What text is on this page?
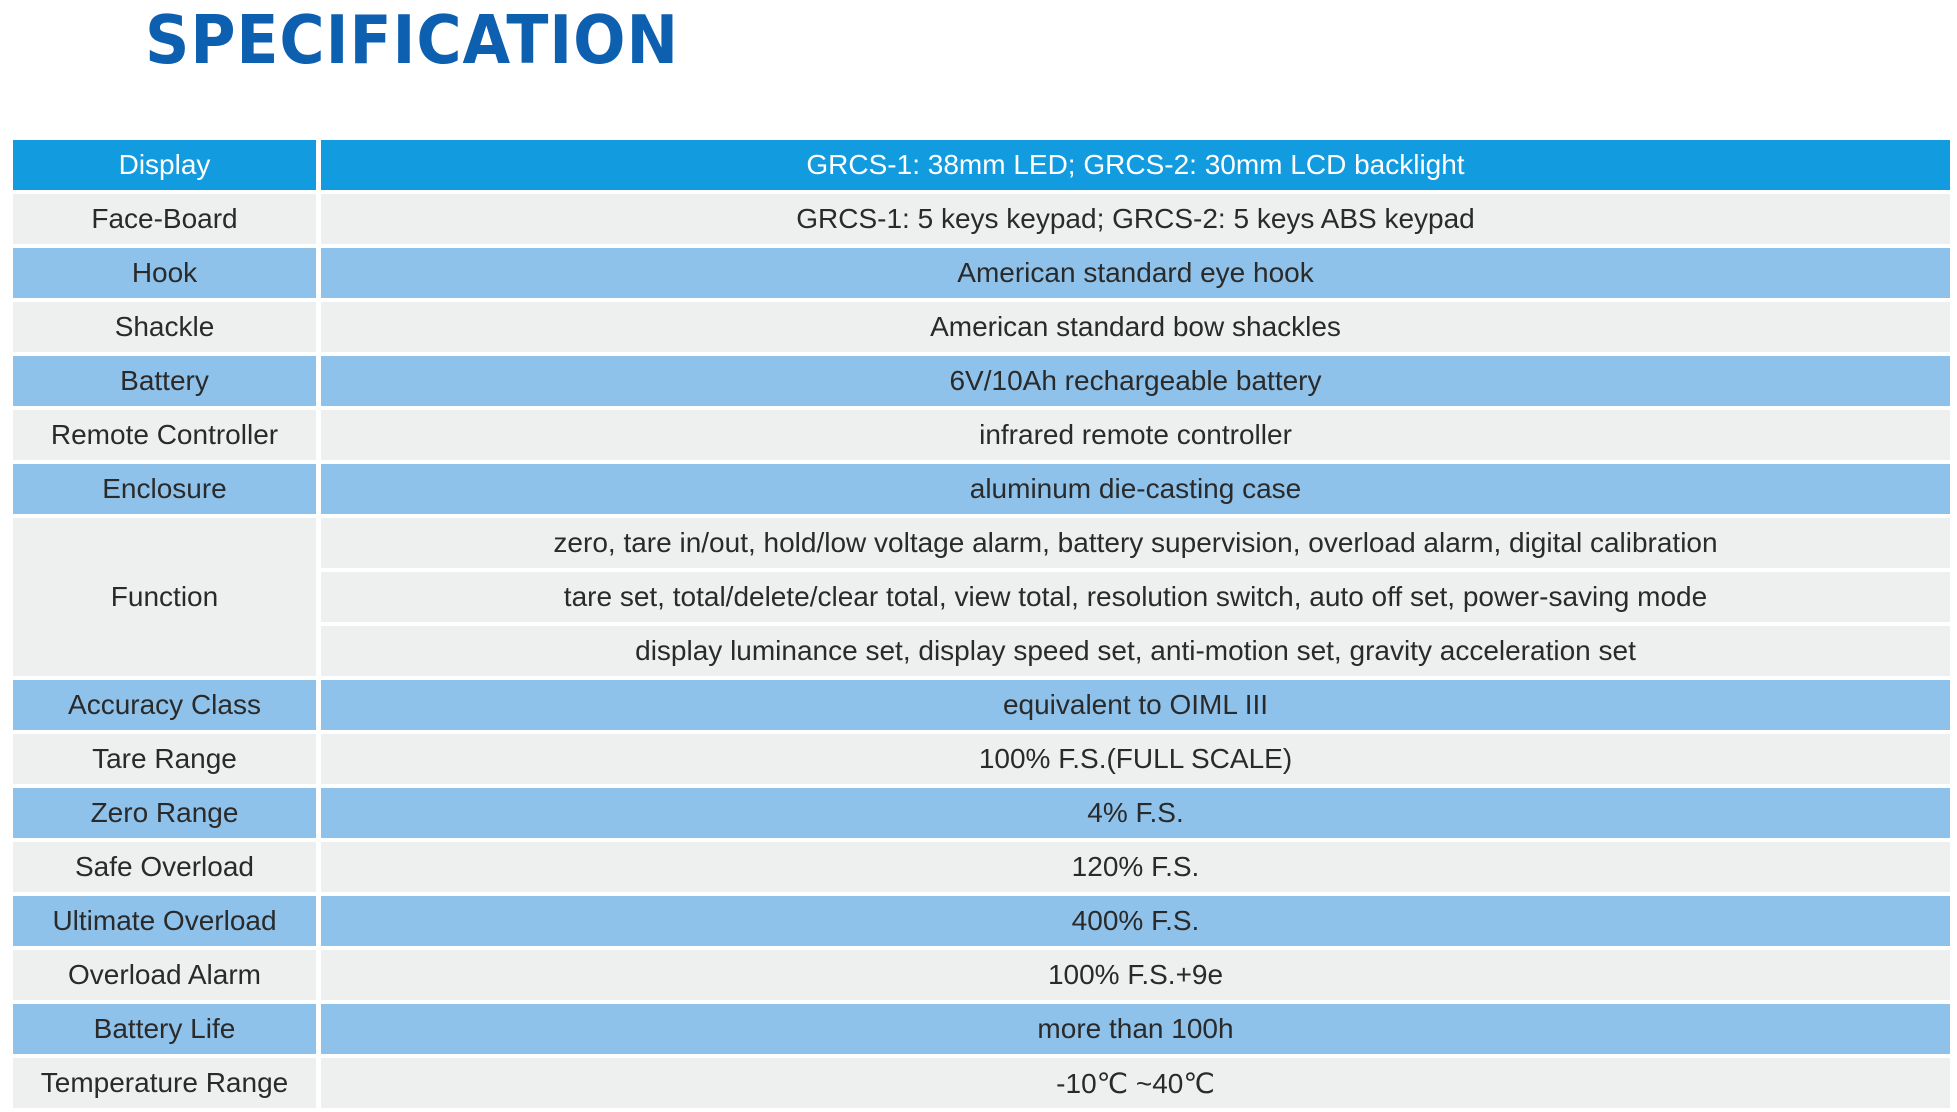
SPECIFICATION
Display	GRCS-1: 38mm LED; GRCS-2: 30mm LCD backlight
Face-Board	GRCS-1: 5 keys keypad; GRCS-2: 5 keys ABS keypad
Hook	American standard eye hook
Shackle	American standard bow shackles
Battery	6V/10Ah rechargeable battery
Remote Controller	infrared remote controller
Enclosure	aluminum die-casting case
Function	zero, tare in/out, hold/low voltage alarm, battery supervision, overload alarm, digital calibration
	tare set, total/delete/clear total, view total, resolution switch, auto off set, power-saving mode
	display luminance set, display speed set, anti-motion set, gravity acceleration set
Accuracy Class	equivalent to OIML III
Tare Range	100% F.S.(FULL SCALE)
Zero Range	4% F.S.
Safe Overload	120% F.S.
Ultimate Overload	400% F.S.
Overload Alarm	100% F.S.+9e
Battery Life	more than 100h
Temperature Range	-10℃ ~40℃
